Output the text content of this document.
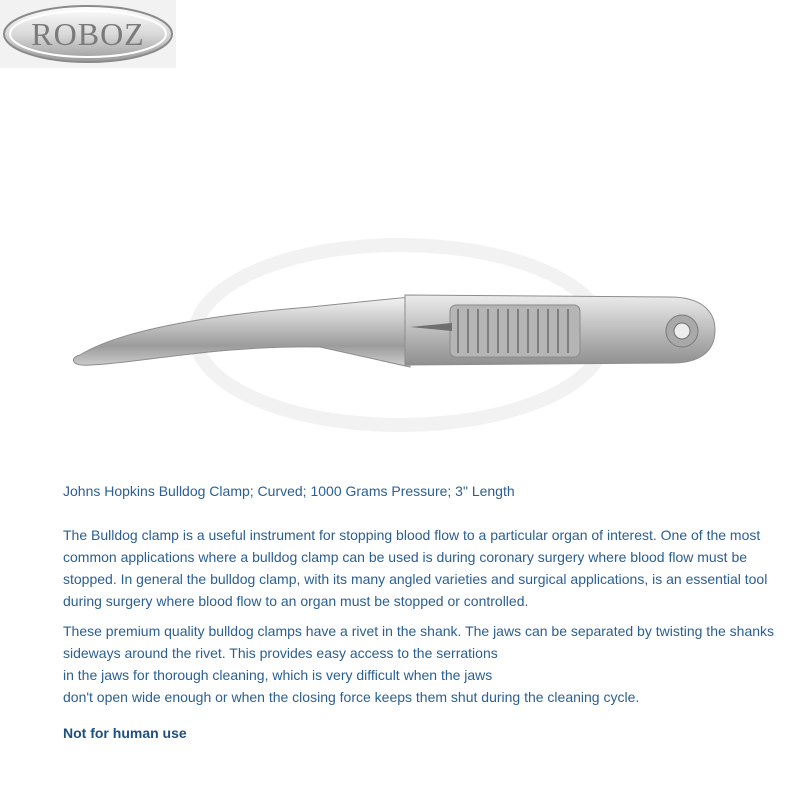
ROBOZ

Johns Hopkins Bulldog Clamp; Curved; 1000 Grams Pressure; 3" Length

The Bulldog clamp is a useful instrument for stopping blood flow to a particular organ of interest. One of the most common applications where a bulldog clamp can be used is during coronary surgery where blood flow must be stopped. In general the bulldog clamp, with its many angled varieties and surgical applications, is an essential tool during surgery where blood flow to an organ must be stopped or controlled.

These premium quality bulldog clamps have a rivet in the shank. The jaws can be separated by twisting the shanks
sideways around the rivet. This provides easy access to the serrations
in the jaws for thorough cleaning, which is very difficult when the jaws
don't open wide enough or when the closing force keeps them shut during the cleaning cycle.

Not for human use
